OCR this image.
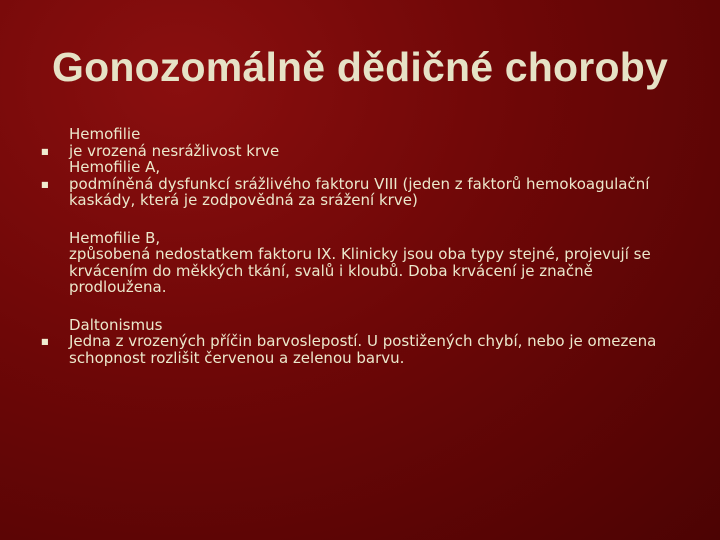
Gonozomálně dědičné choroby
Hemofilie
■
je vrozená nesrážlivost krve
Hemofilie A,
■
podmíněná dysfunkcí srážlivého faktoru VIII (jeden z faktorů hemokoagulační kaskády, která je zodpovědná za srážení krve)
Hemofilie B,
způsobená nedostatkem faktoru IX. Klinicky jsou oba typy stejné, projevují se krvácením do měkkých tkání, svalů i kloubů. Doba krvácení je značně prodloužena.
Daltonismus
■
Jedna z vrozených příčin barvoslepostí. U postižených chybí, nebo je omezena schopnost rozlišit červenou a zelenou barvu.
